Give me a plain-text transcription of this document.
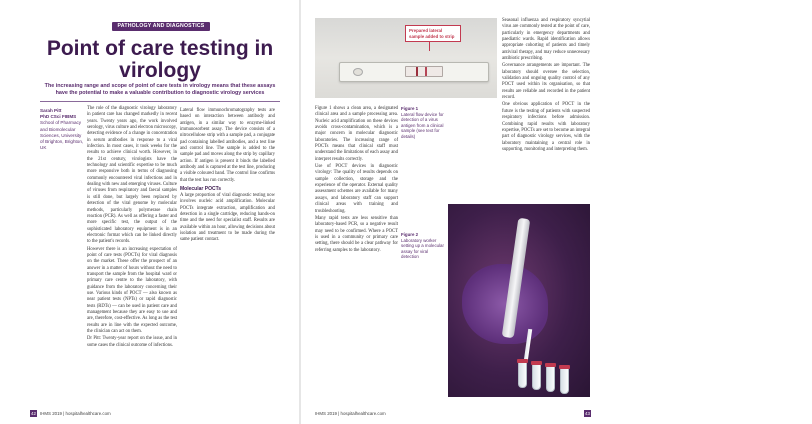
PATHOLOGY AND DIAGNOSTICS
Point of care testing in virology

The increasing range and scope of point of care tests in virology means that these assays have the potential to make a valuable contribution to diagnostic virology services

Sarah Pitt
PhD CSci FIBMS
School of Pharmacy and Biomolecular Sciences, University of Brighton, Brighton, UK

The role of the diagnostic virology laboratory in patient care has changed markedly in recent years. Twenty years ago, the work involved serology, virus culture and electron microscopy, detecting evidence of a change in concentration in serum antibodies in response to a viral infection. In most cases, it took weeks for the results to achieve clinical worth. However, in the 21st century, virologists have the technology and scientific expertise to be much more responsive both in terms of diagnosing commonly encountered viral infections and in dealing with new and emerging viruses. Culture of viruses from respiratory and faecal samples is still done, but largely been replaced by detection of the viral genome by molecular methods, particularly polymerase chain reaction (PCR). As well as offering a faster and more specific test, the output of the sophisticated laboratory equipment is in an electronic format which can be linked directly to the patient's records.

However there is an increasing expectation of point of care tests (POCTs) for viral diagnosis on the market. These offer the prospect of an answer in a matter of hours without the need to transport the sample from the hospital ward or primary care centre to the laboratory, with guidance from the laboratory concerning their use. Various kinds of POCT — also known as near patient tests (NPTs) or rapid diagnostic tests (RDTs) — can be used in patient care and management because they are easy to use and are, therefore, cost-effective. As long as the test results are in line with the expected outcome, the clinician can act on them.

Dr Pitt: Twenty-year report on the issue, and in some cases the clinical outcome of infections.

Lateral flow immunochromatography tests are based on interaction between antibody and antigen, in a similar way to enzyme-linked immunosorbent assay. The device consists of a nitrocellulose strip with a sample pad, a conjugate pad containing labelled antibodies, and a test line and control line. The sample is added to the sample pad and moves along the strip by capillary action. If antigen is present it binds the labelled antibody and is captured at the test line, producing a visible coloured band. The control line confirms that the test has run correctly.

Molecular POCTs

A large proportion of viral diagnostic testing now involves nucleic acid amplification. Molecular POCTs integrate extraction, amplification and detection in a single cartridge, reducing hands-on time and the need for specialist staff. Results are available within an hour, allowing decisions about isolation and treatment to be made during the same patient contact.

42 IHMS 2019 | hospitalhealthcare.com
Test window showing control line (C) and test line (T)
Prepared lateral sample added to strip

Figure 1 shows a clean area, a designated clinical area and a sample processing area. Nucleic acid amplification on these devices avoids cross-contamination, which is a major concern in molecular diagnostic laboratories. The increasing range of POCTs means that clinical staff must understand the limitations of each assay and interpret results correctly.

Use of POCT devices in diagnostic virology: The quality of results depends on sample collection, storage and the experience of the operator. External quality assessment schemes are available for many assays, and laboratory staff can support clinical areas with training and troubleshooting.

Many rapid tests are less sensitive than laboratory-based PCR, so a negative result may need to be confirmed. Where a POCT is used in a community or primary care setting, there should be a clear pathway for referring samples to the laboratory.

Figure 1
Lateral flow device for detection of a virus antigen from a clinical sample (see text for details)
Figure 2
Laboratory worker setting up a molecular assay for viral detection

Seasonal influenza and respiratory syncytial virus are commonly tested at the point of care, particularly in emergency departments and paediatric wards. Rapid identification allows appropriate cohorting of patients and timely antiviral therapy, and may reduce unnecessary antibiotic prescribing.

Governance arrangements are important. The laboratory should oversee the selection, validation and ongoing quality control of any POCT used within its organisation, so that results are reliable and recorded in the patient record.

One obvious application of POCT in the future is the testing of patients with suspected respiratory infections before admission. Combining rapid results with laboratory expertise, POCTs are set to become an integral part of diagnostic virology services, with the laboratory maintaining a central role in supporting, monitoring and interpreting them.

43
IHMS 2019 | hospitalhealthcare.com
